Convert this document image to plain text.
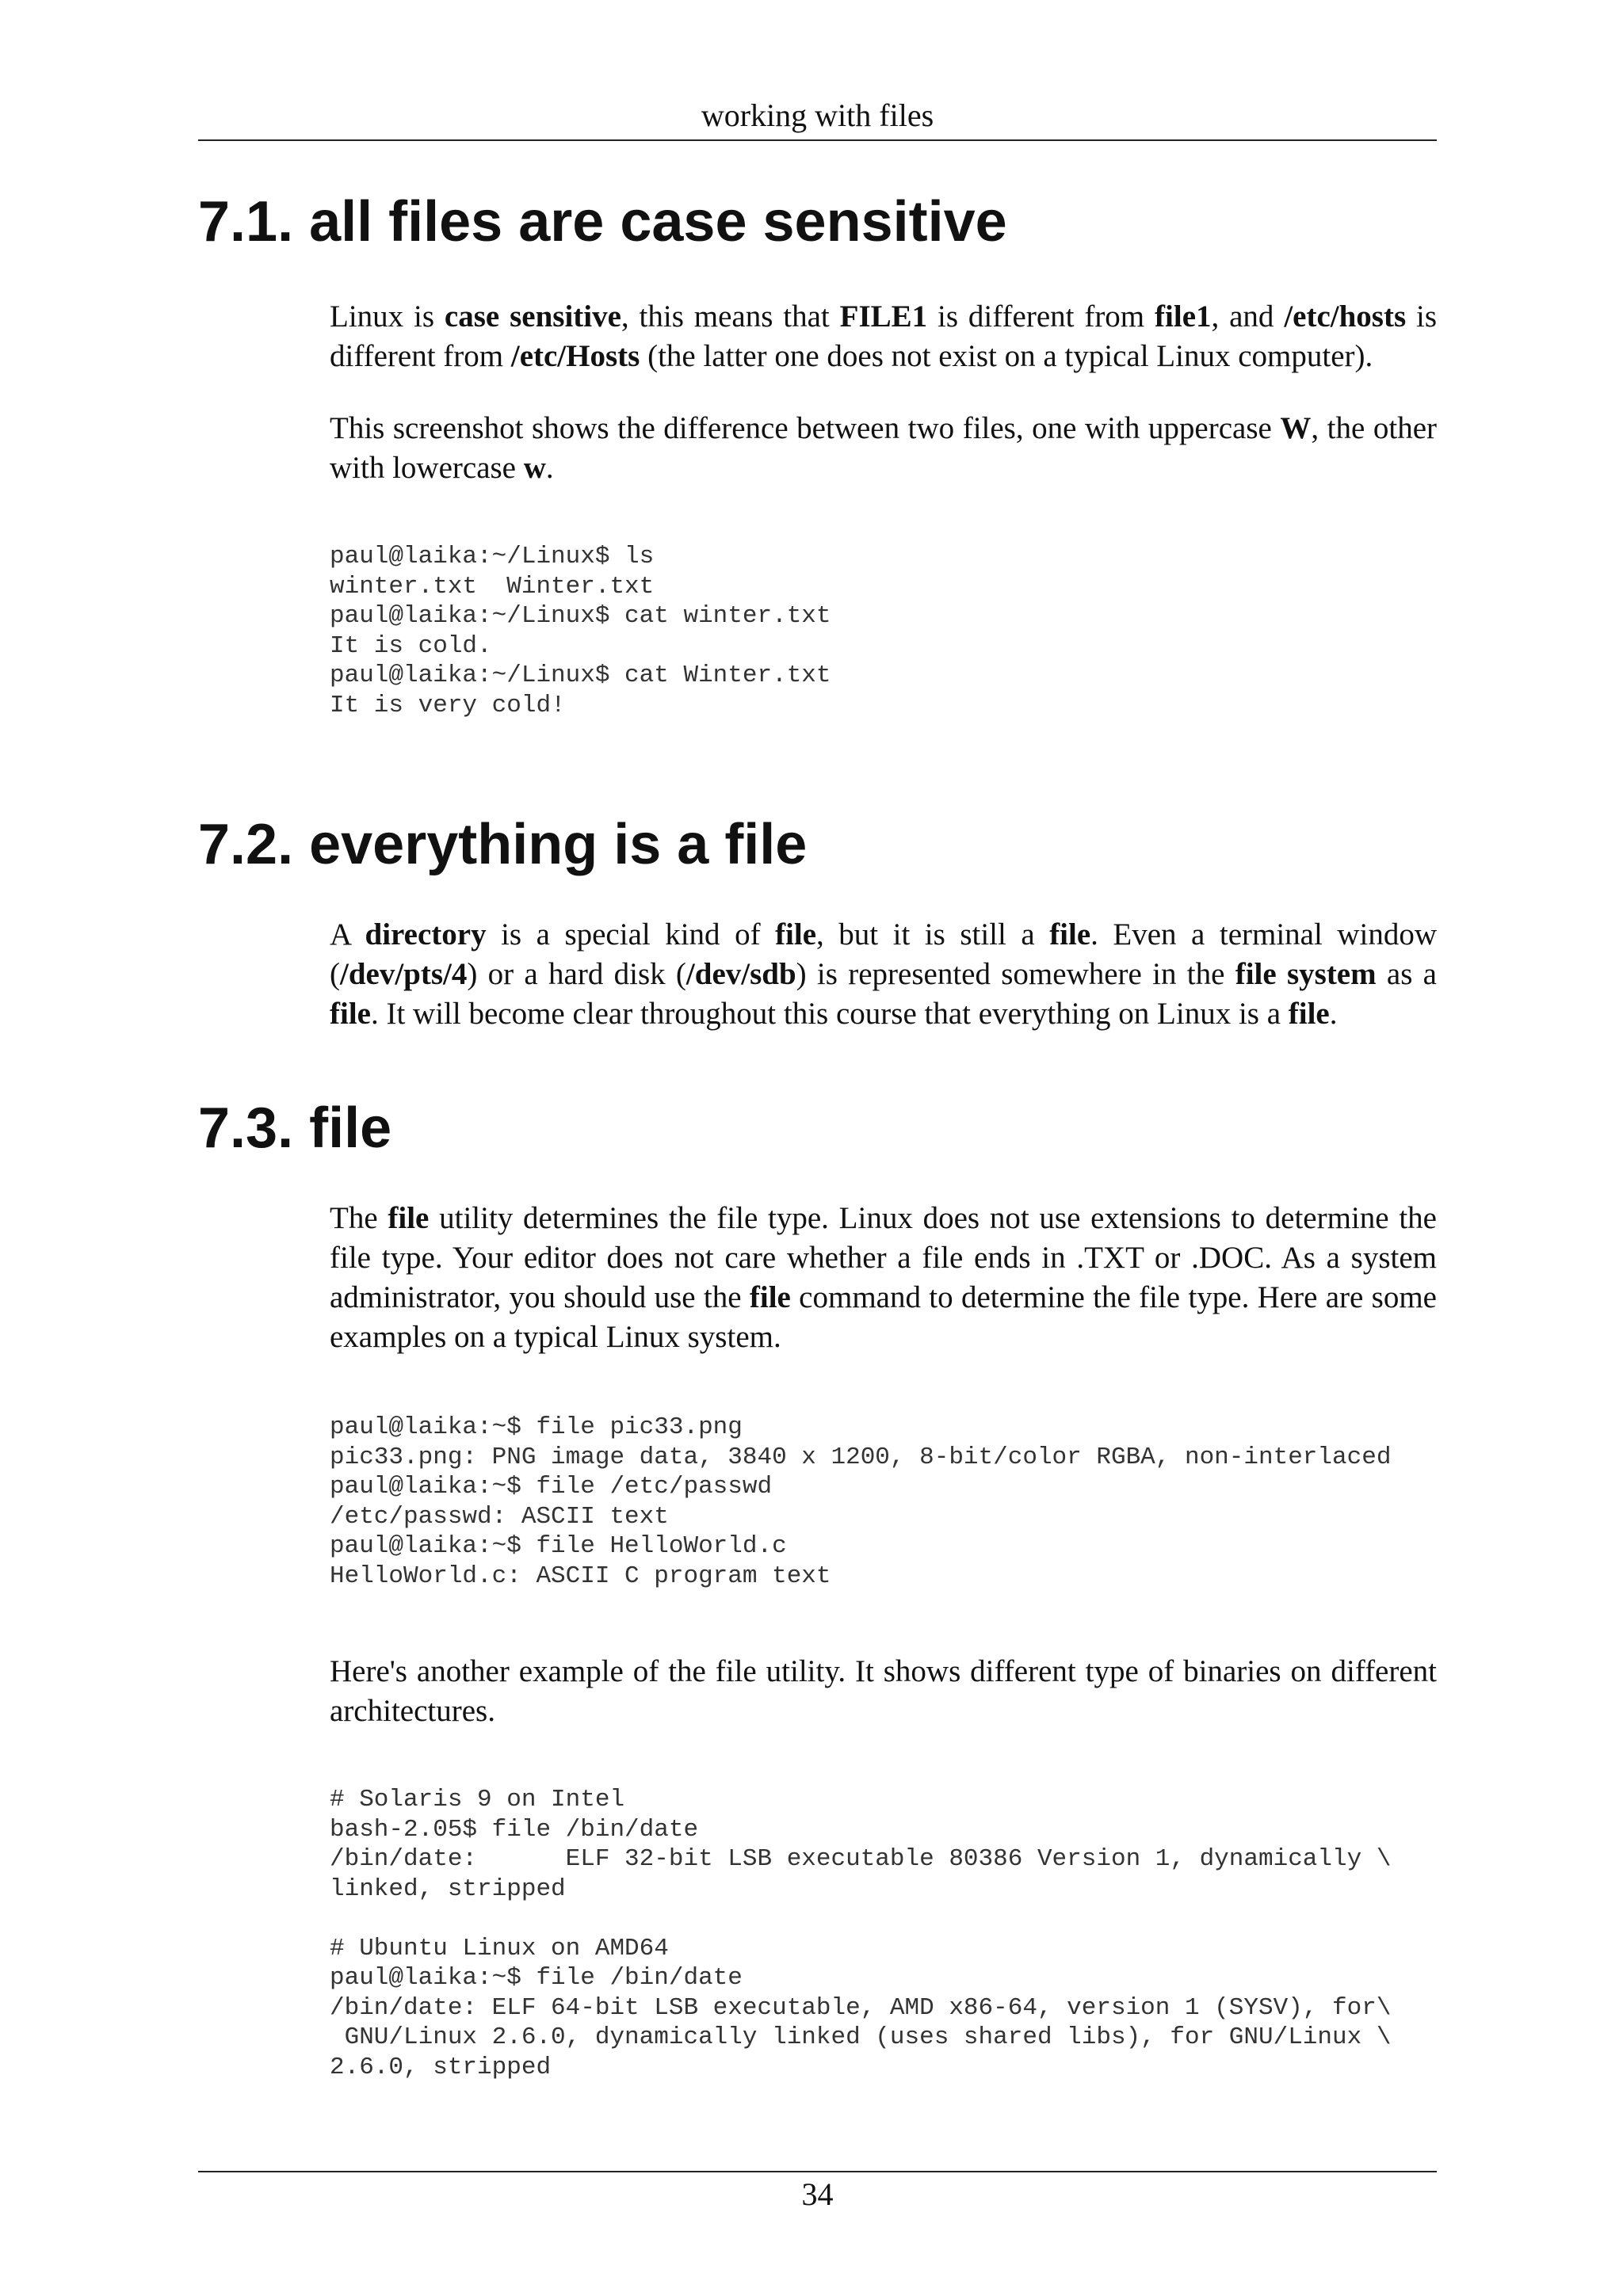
working with files
7.1. all files are case sensitive

Linux is case sensitive, this means that FILE1 is different from file1, and /etc/hosts is different from /etc/Hosts (the latter one does not exist on a typical Linux computer).

This screenshot shows the difference between two files, one with uppercase W, the other with lowercase w.

paul@laika:~/Linux$ ls
winter.txt  Winter.txt
paul@laika:~/Linux$ cat winter.txt
It is cold.
paul@laika:~/Linux$ cat Winter.txt
It is very cold!
7.2. everything is a file

A directory is a special kind of file, but it is still a file. Even a terminal window (/dev/pts/4) or a hard disk (/dev/sdb) is represented somewhere in the file system as a file. It will become clear throughout this course that everything on Linux is a file.

7.3. file

The file utility determines the file type. Linux does not use extensions to determine the file type. Your editor does not care whether a file ends in .TXT or .DOC. As a system administrator, you should use the file command to determine the file type. Here are some examples on a typical Linux system.

paul@laika:~$ file pic33.png
pic33.png: PNG image data, 3840 x 1200, 8-bit/color RGBA, non-interlaced
paul@laika:~$ file /etc/passwd
/etc/passwd: ASCII text
paul@laika:~$ file HelloWorld.c
HelloWorld.c: ASCII C program text

Here's another example of the file utility. It shows different type of binaries on different architectures.

# Solaris 9 on Intel
bash-2.05$ file /bin/date
/bin/date:      ELF 32-bit LSB executable 80386 Version 1, dynamically \
linked, stripped

# Ubuntu Linux on AMD64
paul@laika:~$ file /bin/date
/bin/date: ELF 64-bit LSB executable, AMD x86-64, version 1 (SYSV), for\
GNU/Linux 2.6.0, dynamically linked (uses shared libs), for GNU/Linux \
2.6.0, stripped
34
